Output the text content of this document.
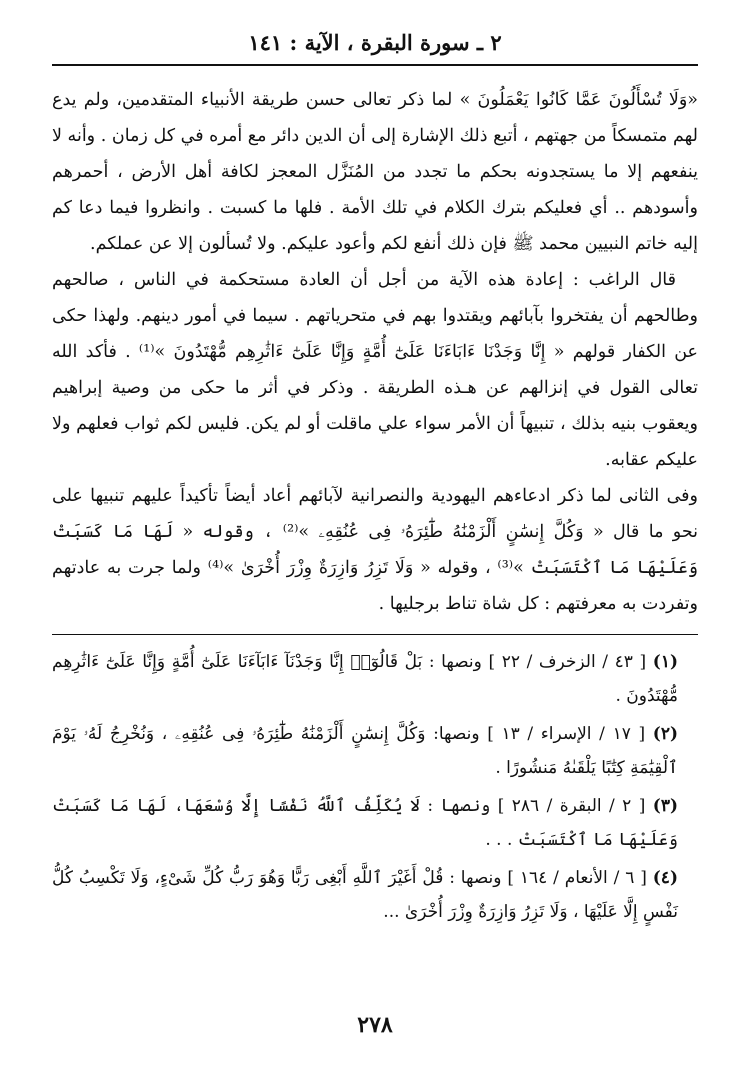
٢ ـ سورة البقرة ، الآية : ١٤١

«وَلَا تُسْأَلُونَ عَمَّا كَانُوا يَعْمَلُونَ » لما ذكر تعالى حسن طريقة الأنبياء المتقدمين، ولم يدع لهم متمسكاً من جهتهم ، أتبع ذلك الإشارة إلى أن الدين دائر مع أمره في كل زمان . وأنه لا ينفعهم إلا ما يستجدونه بحكم ما تجدد من المُنَزَّل المعجز لكافة أهل الأرض ، أحمرهم وأسودهم .. أي فعليكم بترك الكلام في تلك الأمة . فلها ما كسبت . وانظروا فيما دعا كم إليه خاتم النبيين محمد ﷺ فإن ذلك أنفع لكم وأعود عليكم. ولا تُسألون إلا عن عملكم.

قال الراغب : إعادة هذه الآية من أجل أن العادة مستحكمة في الناس ، صالحهم وطالحهم أن يفتخروا بآبائهم ويقتدوا بهم في متحرياتهم . سيما في أمور دينهم. ولهذا حكى عن الكفار قولهم « إِنَّا وَجَدْنَا ءَابَاءَنَا عَلَىٰٓ أُمَّةٍ وَإِنَّا عَلَىٰٓ ءَاثَٰرِهِم مُّهْتَدُونَ »⁽¹⁾ . فأكد الله تعالى القول في إنزالهم عن هـذه الطريقة . وذكر في أثر ما حكى من وصية إبراهيم ويعقوب بنيه بذلك ، تنبيهاً أن الأمر سواء علي ماقلت أو لم يكن. فليس لكم ثواب فعلهم ولا عليكم عقابه.

وفى الثانى لما ذكر ادعاءهم اليهودية والنصرانية لآبائهم أعاد أيضاً تأكيداً عليهم تنبيها على نحو ما قال « وَكُلَّ إِنسَٰنٍ أَلْزَمْنَٰهُ طَٰٓئِرَهُۥ فِى عُنُقِهِۦ »⁽²⁾ ، وقوله « لَهَا مَا كَسَبَتْ وَعَلَيْهَا مَا ٱكْتَسَبَتْ »⁽³⁾ ، وقوله « وَلَا تَزِرُ وَازِرَةٌ وِزْرَ أُخْرَىٰ »⁽⁴⁾ ولما جرت به عادتهم وتفردت به معرفتهم : كل شاة تناط برجليها .

(١) [ ٤٣ / الزخرف / ٢٢ ] ونصها : بَلْ قَالُوٓا۟ إِنَّا وَجَدْنَآ ءَابَآءَنَا عَلَىٰٓ أُمَّةٍ وَإِنَّا عَلَىٰٓ ءَاثَٰرِهِم مُّهْتَدُونَ .

(٢) [ ١٧ / الإسراء / ١٣ ] ونصها: وَكُلَّ إِنسَٰنٍ أَلْزَمْنَٰهُ طَٰٓئِرَهُۥ فِى عُنُقِهِۦ ، وَنُخْرِجُ لَهُۥ يَوْمَ ٱلْقِيَٰمَةِ كِتَٰبًا يَلْقَىٰهُ مَنشُورًا .

(٣) [ ٢ / البقرة / ٢٨٦ ] ونصها : لَا يُكَلِّفُ ٱللَّهُ نَفْسًا إِلَّا وُسْعَهَا، لَهَا مَا كَسَبَتْ وَعَلَيْهَا مَا ٱكْتَسَبَتْ . . .

(٤) [ ٦ / الأنعام / ١٦٤ ] ونصها : قُلْ أَغَيْرَ ٱللَّهِ أَبْغِى رَبًّا وَهُوَ رَبُّ كُلِّ شَىْءٍ، وَلَا تَكْسِبُ كُلُّ نَفْسٍ إِلَّا عَلَيْهَا ، وَلَا تَزِرُ وَازِرَةٌ وِزْرَ أُخْرَىٰ ...

٢٧٨
